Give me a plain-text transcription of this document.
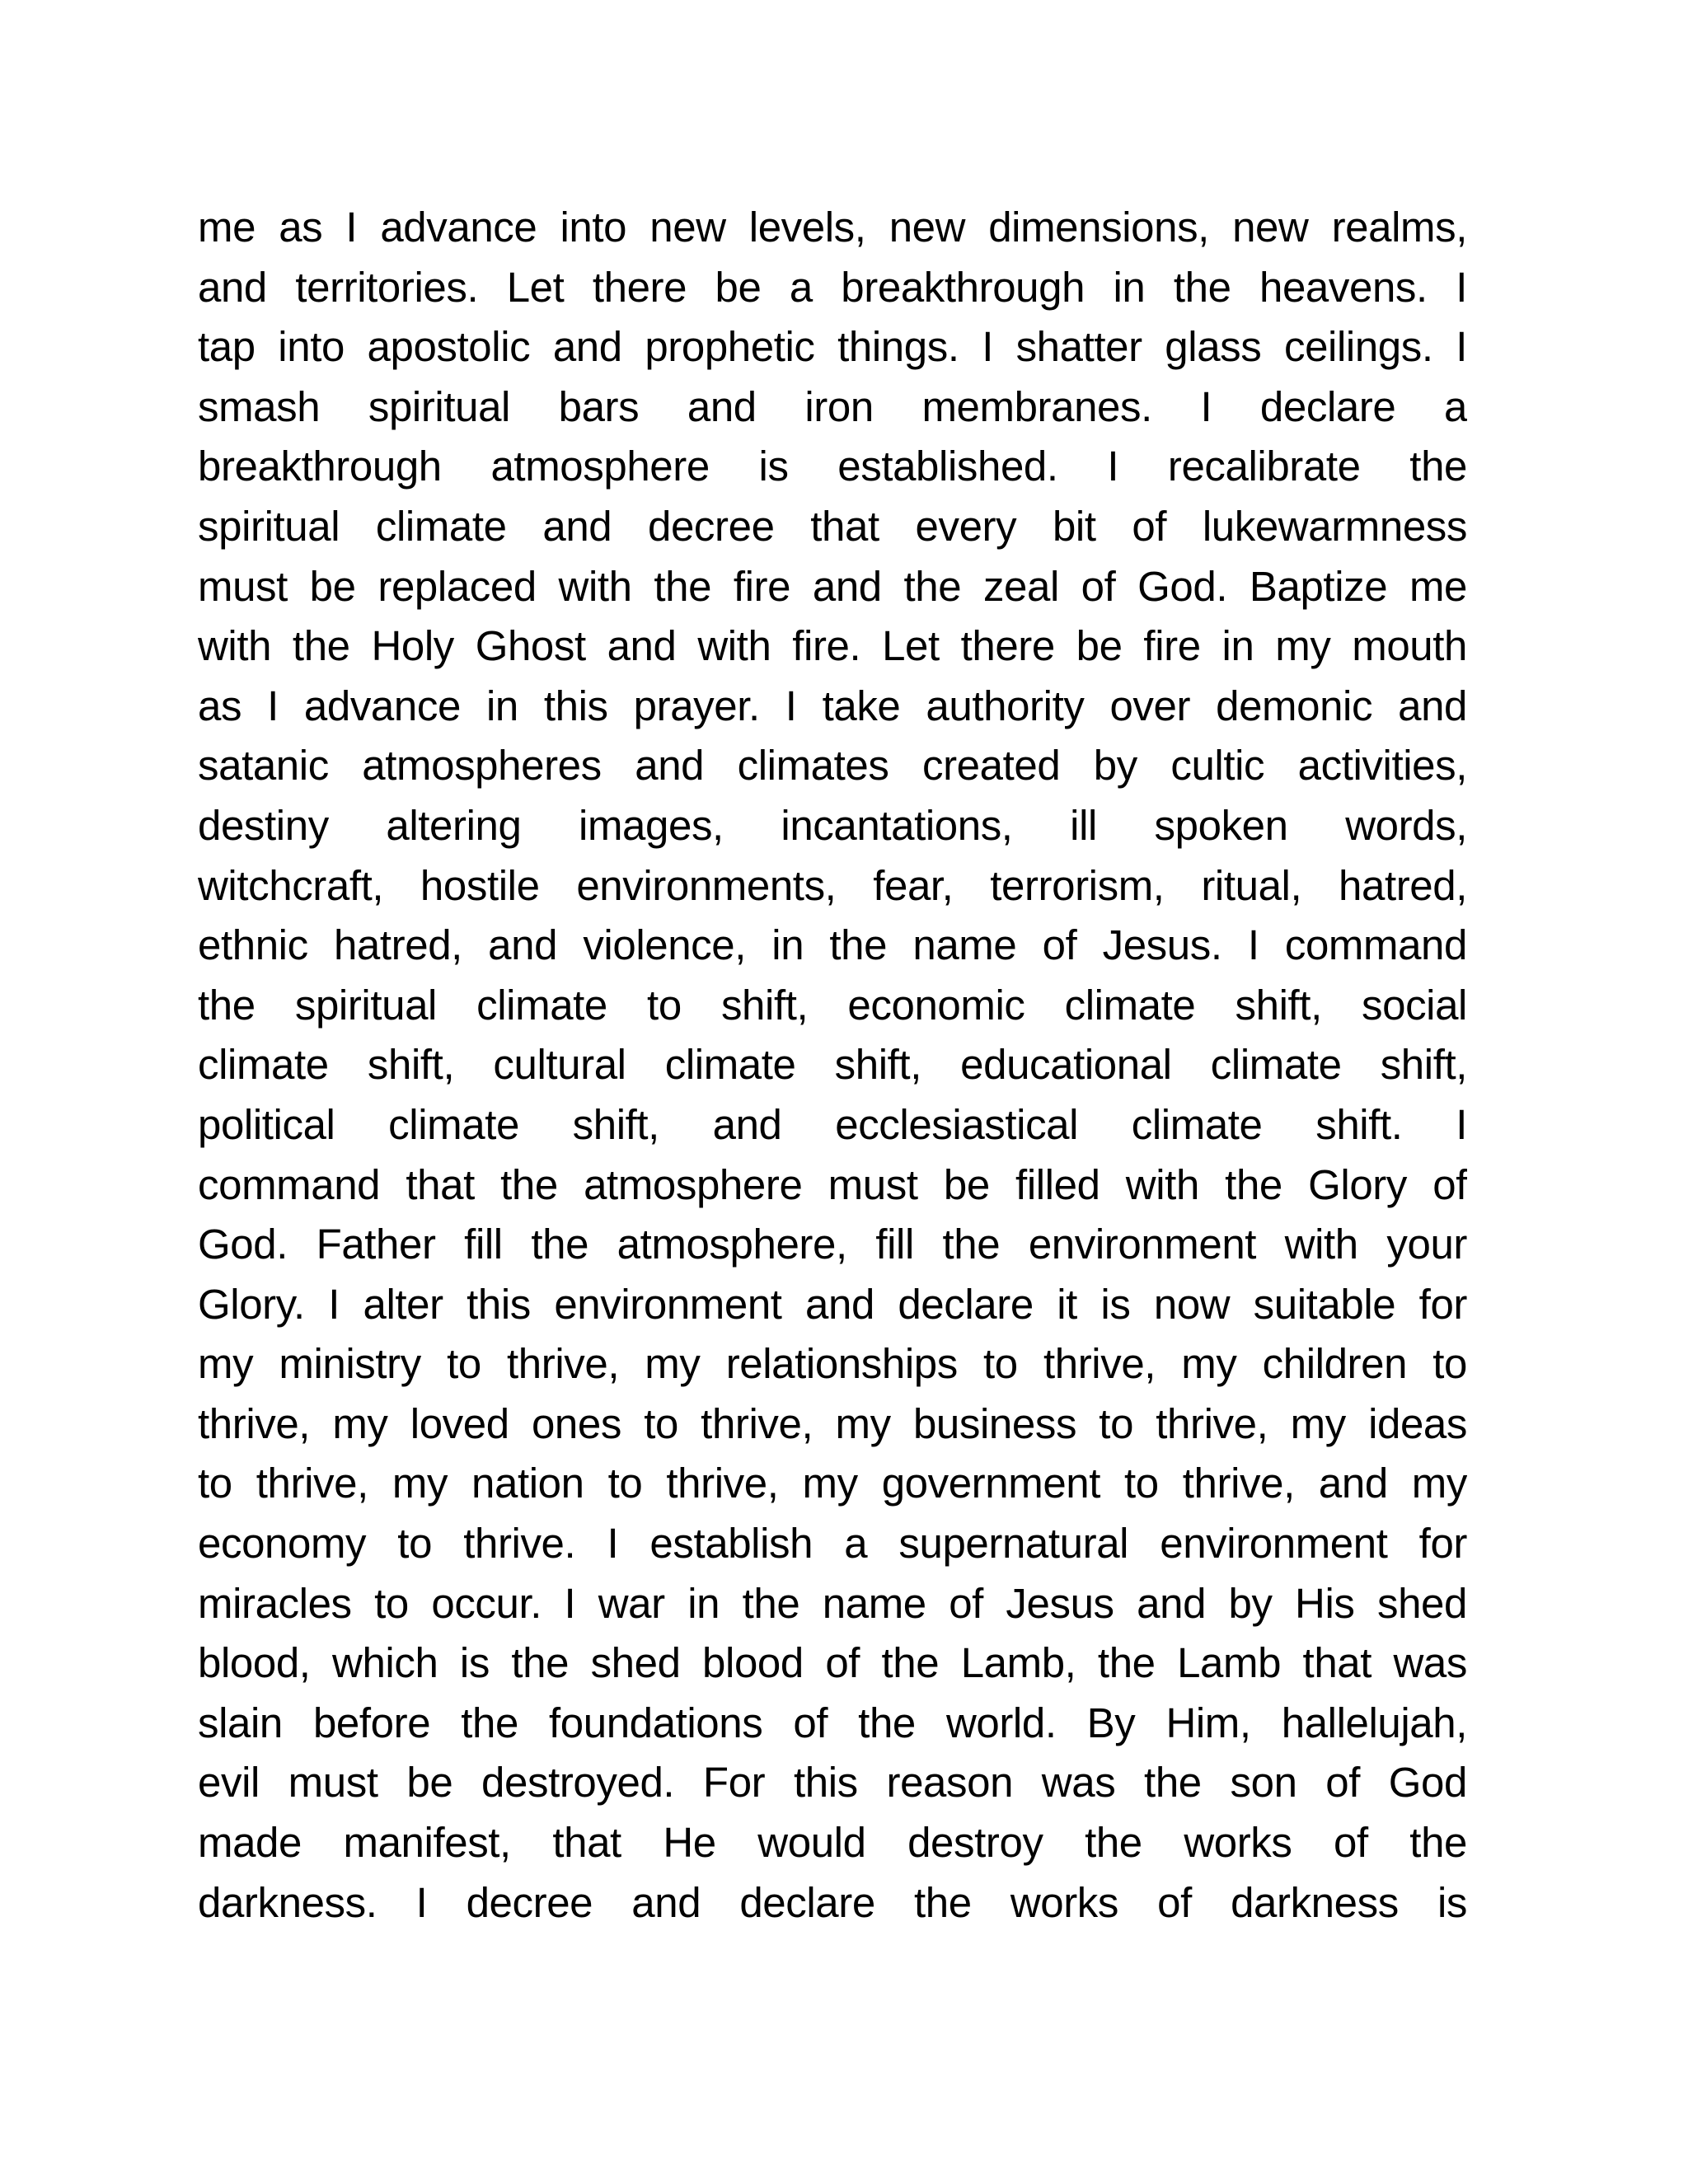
me as I advance into new levels, new dimensions, new realms,
and territories. Let there be a breakthrough in the heavens. I
tap into apostolic and prophetic things. I shatter glass ceilings. I
smash spiritual bars and iron membranes. I declare a
breakthrough atmosphere is established. I recalibrate the
spiritual climate and decree that every bit of lukewarmness
must be replaced with the fire and the zeal of God. Baptize me
with the Holy Ghost and with fire. Let there be fire in my mouth
as I advance in this prayer. I take authority over demonic and
satanic atmospheres and climates created by cultic activities,
destiny altering images, incantations, ill spoken words,
witchcraft, hostile environments, fear, terrorism, ritual, hatred,
ethnic hatred, and violence, in the name of Jesus. I command
the spiritual climate to shift, economic climate shift, social
climate shift, cultural climate shift, educational climate shift,
political climate shift, and ecclesiastical climate shift. I
command that the atmosphere must be filled with the Glory of
God. Father fill the atmosphere, fill the environment with your
Glory. I alter this environment and declare it is now suitable for
my ministry to thrive, my relationships to thrive, my children to
thrive, my loved ones to thrive, my business to thrive, my ideas
to thrive, my nation to thrive, my government to thrive, and my
economy to thrive. I establish a supernatural environment for
miracles to occur. I war in the name of Jesus and by His shed
blood, which is the shed blood of the Lamb, the Lamb that was
slain before the foundations of the world. By Him, hallelujah,
evil must be destroyed. For this reason was the son of God
made manifest, that He would destroy the works of the
darkness. I decree and declare the works of darkness is
